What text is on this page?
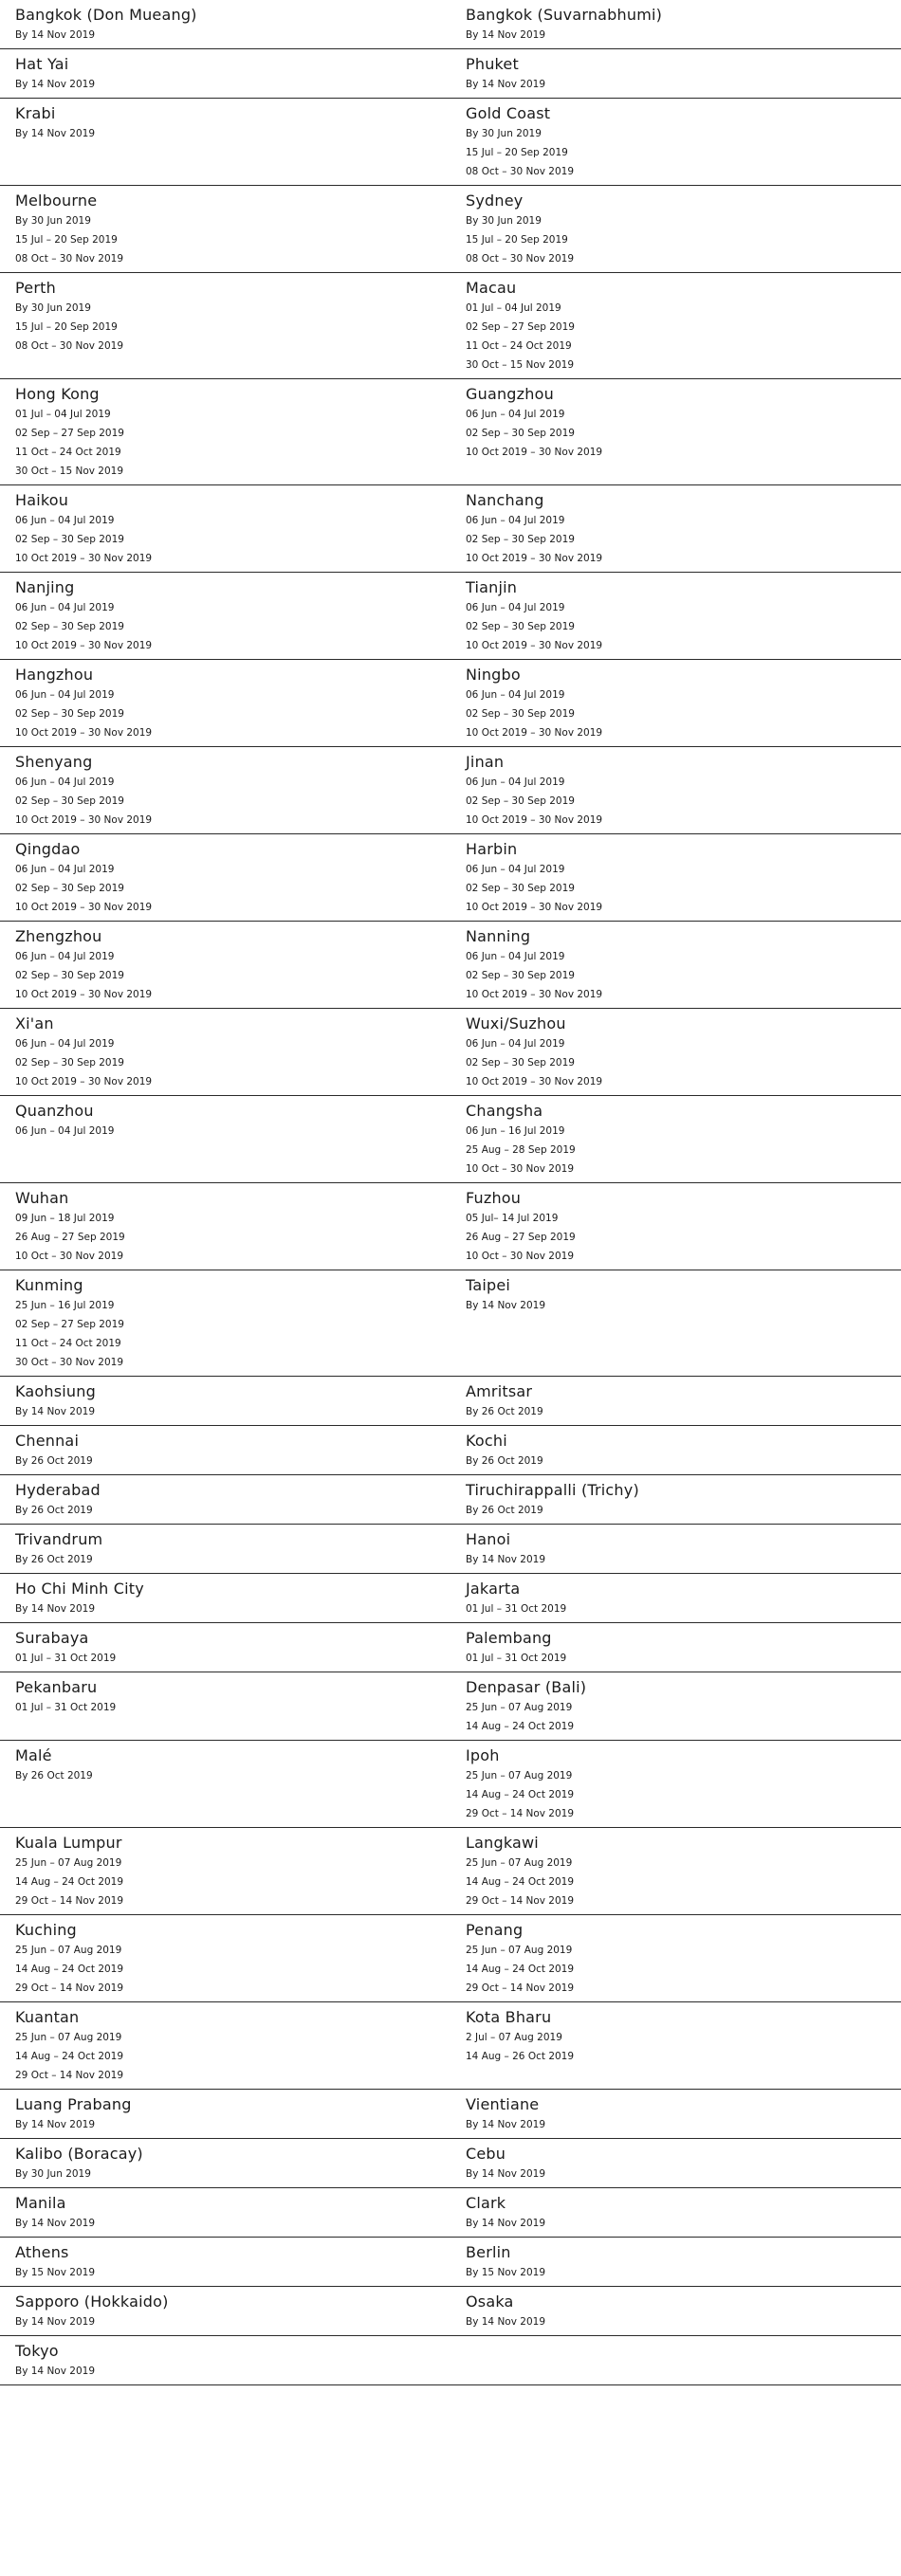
Bangkok (Don Mueang)
By 14 Nov 2019
Bangkok (Suvarnabhumi)
By 14 Nov 2019
Hat Yai
By 14 Nov 2019
Phuket
By 14 Nov 2019
Krabi
By 14 Nov 2019
Gold Coast
By 30 Jun 2019
15 Jul – 20 Sep 2019
08 Oct – 30 Nov 2019
Melbourne
By 30 Jun 2019
15 Jul – 20 Sep 2019
08 Oct – 30 Nov 2019
Sydney
By 30 Jun 2019
15 Jul – 20 Sep 2019
08 Oct – 30 Nov 2019
Perth
By 30 Jun 2019
15 Jul – 20 Sep 2019
08 Oct – 30 Nov 2019
Macau
01 Jul – 04 Jul 2019
02 Sep – 27 Sep 2019
11 Oct – 24 Oct 2019
30 Oct – 15 Nov 2019
Hong Kong
01 Jul – 04 Jul 2019
02 Sep – 27 Sep 2019
11 Oct – 24 Oct 2019
30 Oct – 15 Nov 2019
Guangzhou
06 Jun – 04 Jul 2019
02 Sep – 30 Sep 2019
10 Oct 2019 – 30 Nov 2019
Haikou
06 Jun – 04 Jul 2019
02 Sep – 30 Sep 2019
10 Oct 2019 – 30 Nov 2019
Nanchang
06 Jun – 04 Jul 2019
02 Sep – 30 Sep 2019
10 Oct 2019 – 30 Nov 2019
Nanjing
06 Jun – 04 Jul 2019
02 Sep – 30 Sep 2019
10 Oct 2019 – 30 Nov 2019
Tianjin
06 Jun – 04 Jul 2019
02 Sep – 30 Sep 2019
10 Oct 2019 – 30 Nov 2019
Hangzhou
06 Jun – 04 Jul 2019
02 Sep – 30 Sep 2019
10 Oct 2019 – 30 Nov 2019
Ningbo
06 Jun – 04 Jul 2019
02 Sep – 30 Sep 2019
10 Oct 2019 – 30 Nov 2019
Shenyang
06 Jun – 04 Jul 2019
02 Sep – 30 Sep 2019
10 Oct 2019 – 30 Nov 2019
Jinan
06 Jun – 04 Jul 2019
02 Sep – 30 Sep 2019
10 Oct 2019 – 30 Nov 2019
Qingdao
06 Jun – 04 Jul 2019
02 Sep – 30 Sep 2019
10 Oct 2019 – 30 Nov 2019
Harbin
06 Jun – 04 Jul 2019
02 Sep – 30 Sep 2019
10 Oct 2019 – 30 Nov 2019
Zhengzhou
06 Jun – 04 Jul 2019
02 Sep – 30 Sep 2019
10 Oct 2019 – 30 Nov 2019
Nanning
06 Jun – 04 Jul 2019
02 Sep – 30 Sep 2019
10 Oct 2019 – 30 Nov 2019
Xi'an
06 Jun – 04 Jul 2019
02 Sep – 30 Sep 2019
10 Oct 2019 – 30 Nov 2019
Wuxi/Suzhou
06 Jun – 04 Jul 2019
02 Sep – 30 Sep 2019
10 Oct 2019 – 30 Nov 2019
Quanzhou
06 Jun – 04 Jul 2019
Changsha
06 Jun – 16 Jul 2019
25 Aug – 28 Sep 2019
10 Oct – 30 Nov 2019
Wuhan
09 Jun – 18 Jul 2019
26 Aug – 27 Sep 2019
10 Oct – 30 Nov 2019
Fuzhou
05 Jul– 14 Jul 2019
26 Aug – 27 Sep 2019
10 Oct – 30 Nov 2019
Kunming
25 Jun – 16 Jul 2019
02 Sep – 27 Sep 2019
11 Oct – 24 Oct 2019
30 Oct – 30 Nov 2019
Taipei
By 14 Nov 2019
Kaohsiung
By 14 Nov 2019
Amritsar
By 26 Oct 2019
Chennai
By 26 Oct 2019
Kochi
By 26 Oct 2019
Hyderabad
By 26 Oct 2019
Tiruchirappalli (Trichy)
By 26 Oct 2019
Trivandrum
By 26 Oct 2019
Hanoi
By 14 Nov 2019
Ho Chi Minh City
By 14 Nov 2019
Jakarta
01 Jul – 31 Oct 2019
Surabaya
01 Jul – 31 Oct 2019
Palembang
01 Jul – 31 Oct 2019
Pekanbaru
01 Jul – 31 Oct 2019
Denpasar (Bali)
25 Jun – 07 Aug 2019
14 Aug – 24 Oct 2019
Malé
By 26 Oct 2019
Ipoh
25 Jun – 07 Aug 2019
14 Aug – 24 Oct 2019
29 Oct – 14 Nov 2019
Kuala Lumpur
25 Jun – 07 Aug 2019
14 Aug – 24 Oct 2019
29 Oct – 14 Nov 2019
Langkawi
25 Jun – 07 Aug 2019
14 Aug – 24 Oct 2019
29 Oct – 14 Nov 2019
Kuching
25 Jun – 07 Aug 2019
14 Aug – 24 Oct 2019
29 Oct – 14 Nov 2019
Penang
25 Jun – 07 Aug 2019
14 Aug – 24 Oct 2019
29 Oct – 14 Nov 2019
Kuantan
25 Jun – 07 Aug 2019
14 Aug – 24 Oct 2019
29 Oct – 14 Nov 2019
Kota Bharu
2 Jul – 07 Aug 2019
14 Aug – 26 Oct 2019
Luang Prabang
By 14 Nov 2019
Vientiane
By 14 Nov 2019
Kalibo (Boracay)
By 30 Jun 2019
Cebu
By 14 Nov 2019
Manila
By 14 Nov 2019
Clark
By 14 Nov 2019
Athens
By 15 Nov 2019
Berlin
By 15 Nov 2019
Sapporo (Hokkaido)
By 14 Nov 2019
Osaka
By 14 Nov 2019
Tokyo
By 14 Nov 2019
